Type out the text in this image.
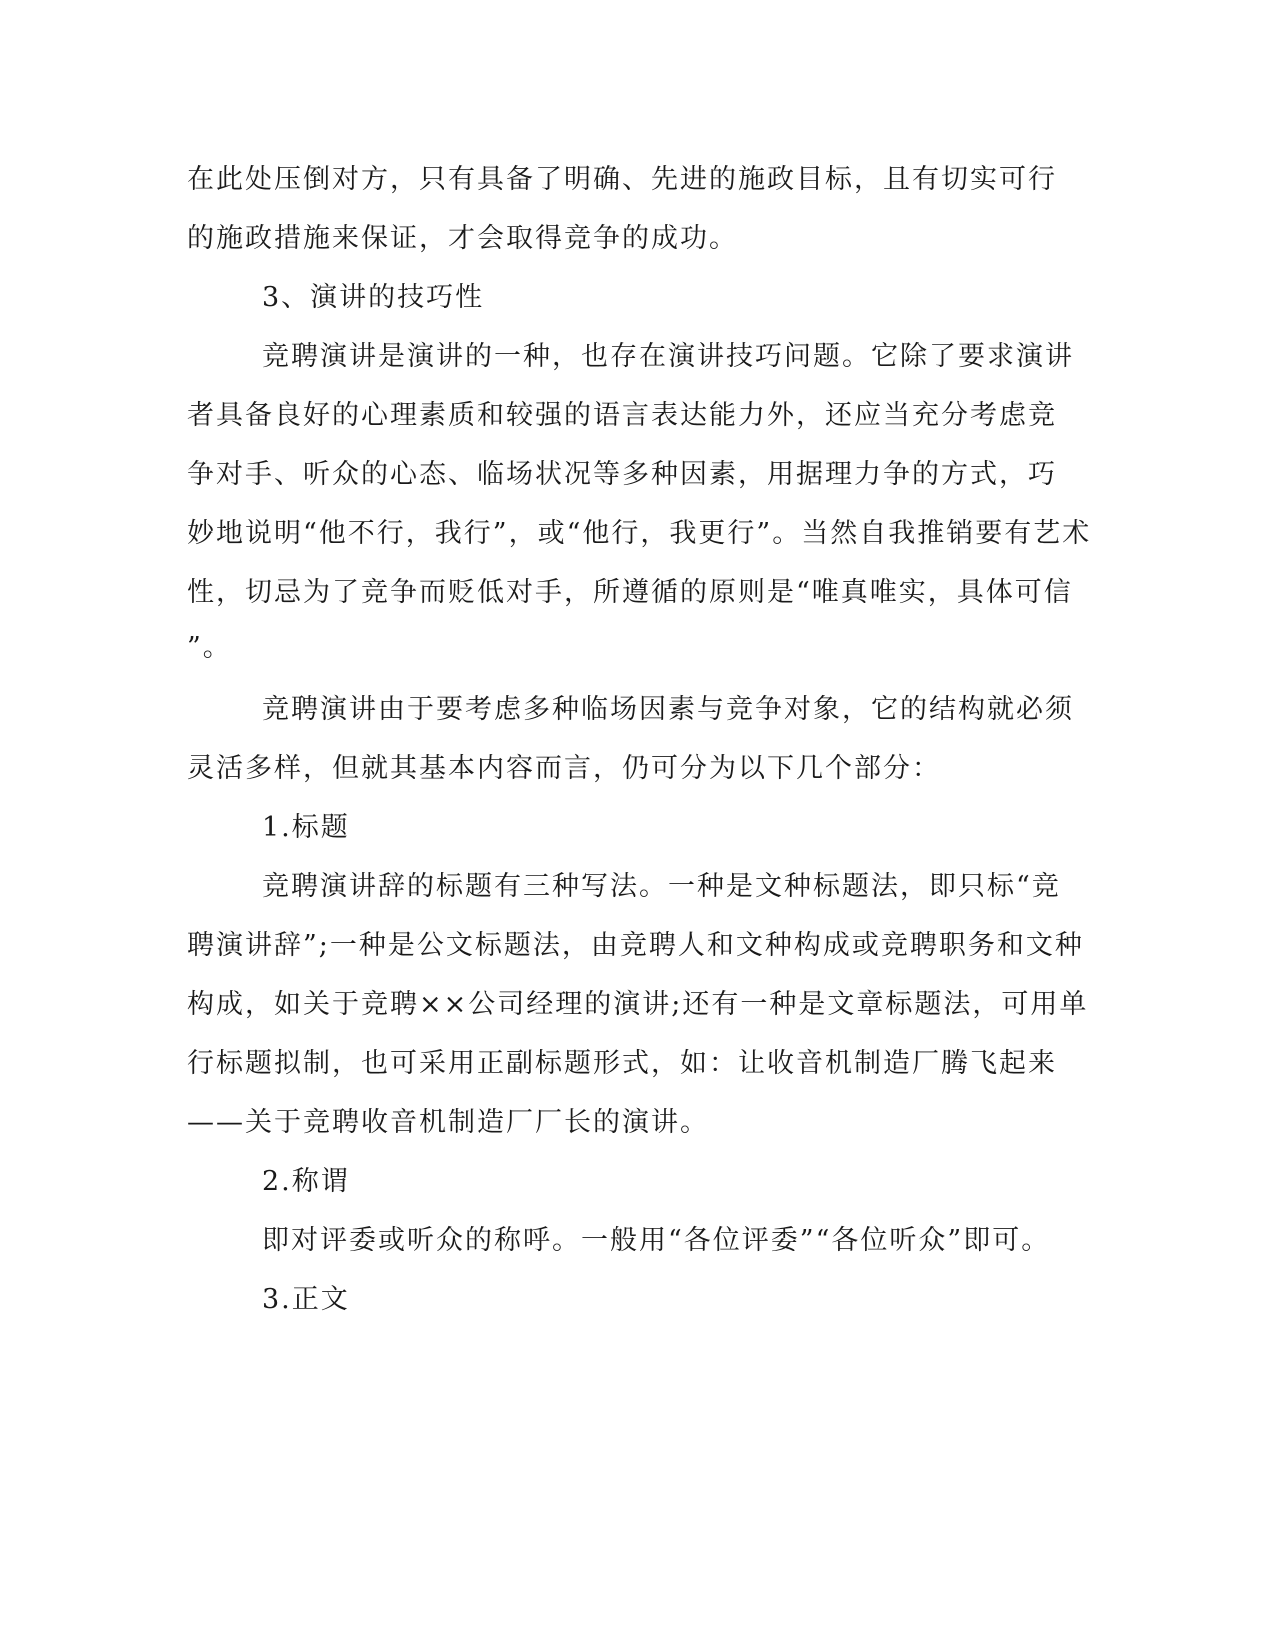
在此处压倒对方，只有具备了明确、先进的施政目标，且有切实可行

的施政措施来保证，才会取得竞争的成功。

3、演讲的技巧性

竞聘演讲是演讲的一种，也存在演讲技巧问题。它除了要求演讲

者具备良好的心理素质和较强的语言表达能力外，还应当充分考虑竞

争对手、听众的心态、临场状况等多种因素，用据理力争的方式，巧

妙地说明“他不行，我行”，或“他行，我更行”。当然自我推销要有艺术

性，切忌为了竞争而贬低对手，所遵循的原则是“唯真唯实，具体可信

”。

竞聘演讲由于要考虑多种临场因素与竞争对象，它的结构就必须

灵活多样，但就其基本内容而言，仍可分为以下几个部分：

1.标题

竞聘演讲辞的标题有三种写法。一种是文种标题法，即只标“竞

聘演讲辞”;一种是公文标题法，由竞聘人和文种构成或竞聘职务和文种

构成，如关于竞聘××公司经理的演讲;还有一种是文章标题法，可用单

行标题拟制，也可采用正副标题形式，如：让收音机制造厂腾飞起来

——关于竞聘收音机制造厂厂长的演讲。

2.称谓

即对评委或听众的称呼。一般用“各位评委”“各位听众”即可。

3.正文
